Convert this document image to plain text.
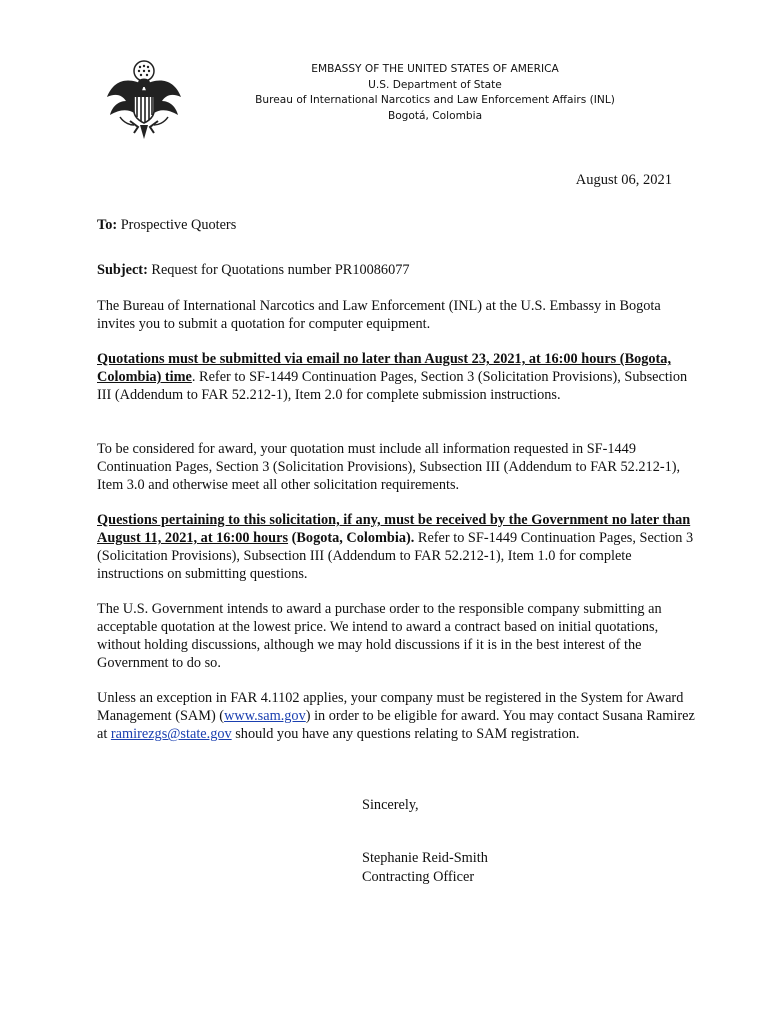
EMBASSY OF THE UNITED STATES OF AMERICA
U.S. Department of State
Bureau of International Narcotics and Law Enforcement Affairs (INL)
Bogotá, Colombia
August 06, 2021
To: Prospective Quoters
Subject: Request for Quotations number PR10086077
The Bureau of International Narcotics and Law Enforcement (INL) at the U.S. Embassy in Bogota invites you to submit a quotation for computer equipment.
Quotations must be submitted via email no later than August 23, 2021, at 16:00 hours (Bogota, Colombia) time. Refer to SF-1449 Continuation Pages, Section 3 (Solicitation Provisions), Subsection III (Addendum to FAR 52.212-1), Item 2.0 for complete submission instructions.
To be considered for award, your quotation must include all information requested in SF-1449 Continuation Pages, Section 3 (Solicitation Provisions), Subsection III (Addendum to FAR 52.212-1), Item 3.0 and otherwise meet all other solicitation requirements.
Questions pertaining to this solicitation, if any, must be received by the Government no later than August 11, 2021, at 16:00 hours (Bogota, Colombia). Refer to SF-1449 Continuation Pages, Section 3 (Solicitation Provisions), Subsection III (Addendum to FAR 52.212-1), Item 1.0 for complete instructions on submitting questions.
The U.S. Government intends to award a purchase order to the responsible company submitting an acceptable quotation at the lowest price. We intend to award a contract based on initial quotations, without holding discussions, although we may hold discussions if it is in the best interest of the Government to do so.
Unless an exception in FAR 4.1102 applies, your company must be registered in the System for Award Management (SAM) (www.sam.gov) in order to be eligible for award. You may contact Susana Ramirez at ramirezgs@state.gov should you have any questions relating to SAM registration.
Sincerely,
Stephanie Reid-Smith
Contracting Officer
